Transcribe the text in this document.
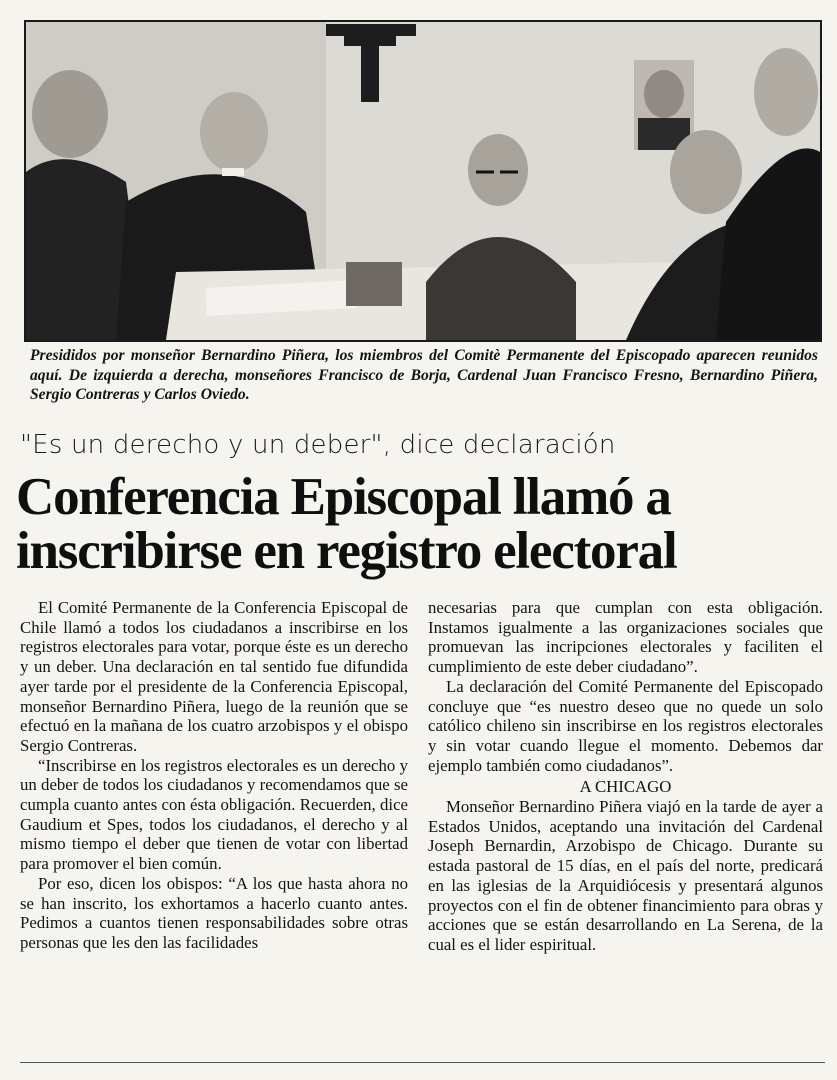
Presididos por monseñor Bernardino Piñera, los miembros del Comitè Permanente del Episcopado aparecen reunidos aquí. De izquierda a derecha, monseñores Francisco de Borja, Cardenal Juan Francisco Fresno, Bernardino Piñera, Sergio Contreras y Carlos Oviedo.
"Es un derecho y un deber", dice declaración
Conferencia Episcopal llamó a inscribirse en registro electoral

El Comité Permanente de la Conferencia Episcopal de Chile llamó a todos los ciudadanos a inscribirse en los registros electorales para votar, porque éste es un derecho y un deber. Una declaración en tal sentido fue difundida ayer tarde por el presidente de la Conferencia Episcopal, monseñor Bernardino Piñera, luego de la reunión que se efectuó en la mañana de los cuatro arzobispos y el obispo Sergio Contreras.

“Inscribirse en los registros electorales es un derecho y un deber de todos los ciudadanos y recomendamos que se cumpla cuanto antes con ésta obligación. Recuerden, dice Gaudium et Spes, todos los ciudadanos, el derecho y al mismo tiempo el deber que tienen de votar con libertad para promover el bien común.

Por eso, dicen los obispos: “A los que hasta ahora no se han inscrito, los exhortamos a hacerlo cuanto antes. Pedimos a cuantos tienen responsabilidades sobre otras personas que les den las facilidades

necesarias para que cumplan con esta obligación. Instamos igualmente a las organizaciones sociales que promuevan las incripciones electorales y faciliten el cumplimiento de este deber ciudadano”.

La declaración del Comité Permanente del Episcopado concluye que “es nuestro deseo que no quede un solo católico chileno sin inscribirse en los registros electorales y sin votar cuando llegue el momento. Debemos dar ejemplo también como ciudadanos”.

A CHICAGO

Monseñor Bernardino Piñera viajó en la tarde de ayer a Estados Unidos, aceptando una invitación del Cardenal Joseph Bernardin, Arzobispo de Chicago. Durante su estada pastoral de 15 días, en el país del norte, predicará en las iglesias de la Arquidiócesis y presentará algunos proyectos con el fin de obtener financimiento para obras y acciones que se están desarrollando en La Serena, de la cual es el lider espiritual.
